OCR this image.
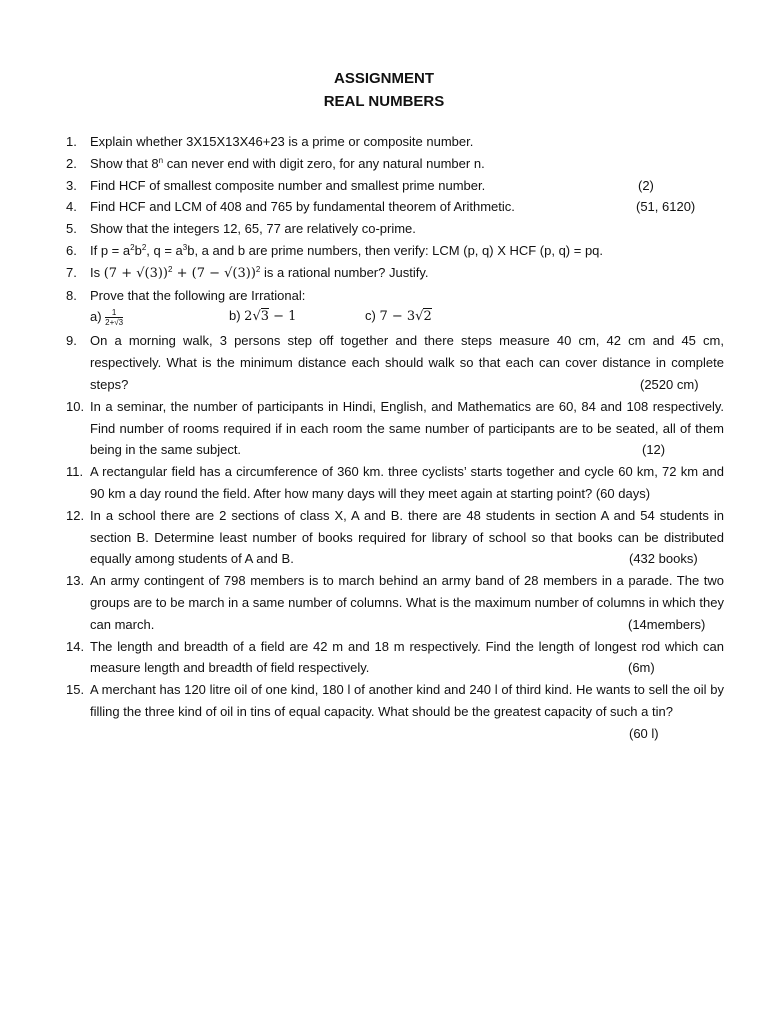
ASSIGNMENT
REAL NUMBERS
1. Explain whether 3X15X13X46+23 is a prime or composite number.
2. Show that 8$^n$ can never end with digit zero, for any natural number n.
3. Find HCF of smallest composite number and smallest prime number.	(2)
4. Find HCF and LCM of 408 and 765 by fundamental theorem of Arithmetic.	(51, 6120)
5. Show that the integers 12, 65, 77 are relatively co-prime.
6. If $p = a^2b^2$, $q = a^3b$, a and b are prime numbers, then verify: LCM (p, q) X HCF (p, q) = pq.
7. Is $(7 + √(3))^2 + (7 - √(3))^2$ is a rational number? Justify.
8. Prove that the following are Irrational:
$a) \frac{1}{2+√3}$	b) 2√3 − 1	c) 7 − 3√2
9. On a morning walk, 3 persons step off together and there steps measure 40 cm, 42 cm and 45 cm, respectively. What is the minimum distance each should walk so that each can cover distance in complete steps?	(2520 cm)
10. In a seminar, the number of participants in Hindi, English, and Mathematics are 60, 84 and 108 respectively. Find number of rooms required if in each room the same number of participants are to be seated, all of them being in the same subject.	(12)
11. A rectangular field has a circumference of 360 km. three cyclists’ starts together and cycle 60 km, 72 km and 90 km a day round the field. After how many days will they meet again at starting point? (60 days)
12. In a school there are 2 sections of class X, A and B. there are 48 students in section A and 54 students in section B. Determine least number of books required for library of school so that books can be distributed equally among students of A and B.	(432 books)
13. An army contingent of 798 members is to march behind an army band of 28 members in a parade. The two groups are to be march in a same number of columns. What is the maximum number of columns in which they can march.	(14members)
14. The length and breadth of a field are 42 m and 18 m respectively. Find the length of longest rod which can measure length and breadth of field respectively.	(6m)
15. A merchant has 120 litre oil of one kind, 180 l of another kind and 240 l of third kind. He wants to sell the oil by filling the three kind of oil in tins of equal capacity. What should be the greatest capacity of such a tin?
(60 l)
